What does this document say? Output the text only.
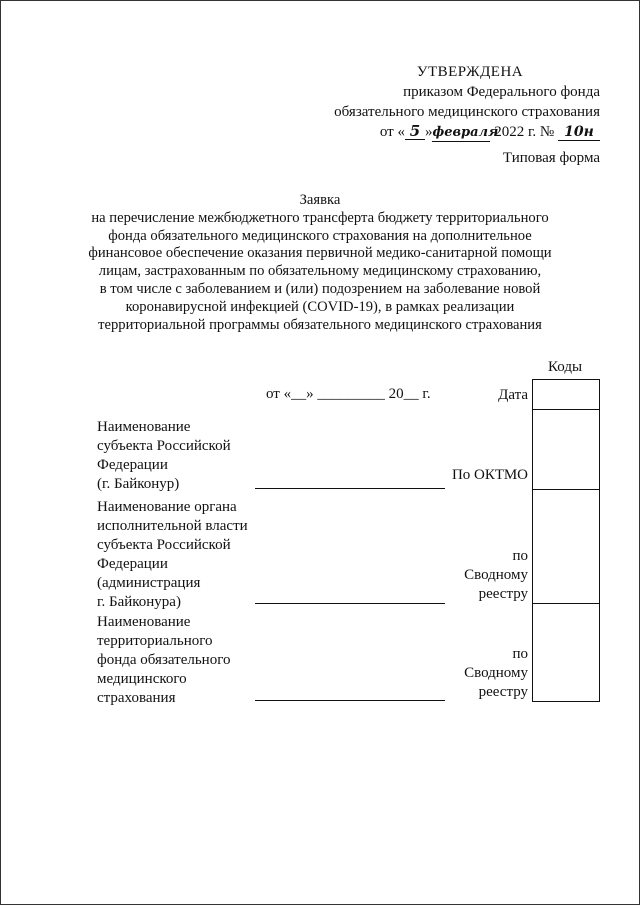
УТВЕРЖДЕНА
приказом Федерального фонда
обязательного медицинского страхования
от « 5 »февраля 2022 г. № 10н
Типовая форма
Заявка
на перечисление межбюджетного трансферта бюджету территориального
фонда обязательного медицинского страхования на дополнительное
финансовое обеспечение оказания первичной медико-санитарной помощи
лицам, застрахованным по обязательному медицинскому страхованию,
в том числе с заболеванием и (или) подозрением на заболевание новой
коронавирусной инфекцией (COVID-19), в рамках реализации
территориальной программы обязательного медицинского страхования
Коды
от «__» _________ 20__ г.	Дата
Наименование
субъекта Российской
Федерации
(г. Байконур)
По ОКТМО
Наименование органа
исполнительной власти
субъекта Российской
Федерации
(администрация
г. Байконура)
по
Сводному
реестру
Наименование
территориального
фонда обязательного
медицинского
страхования
по
Сводному
реестру
